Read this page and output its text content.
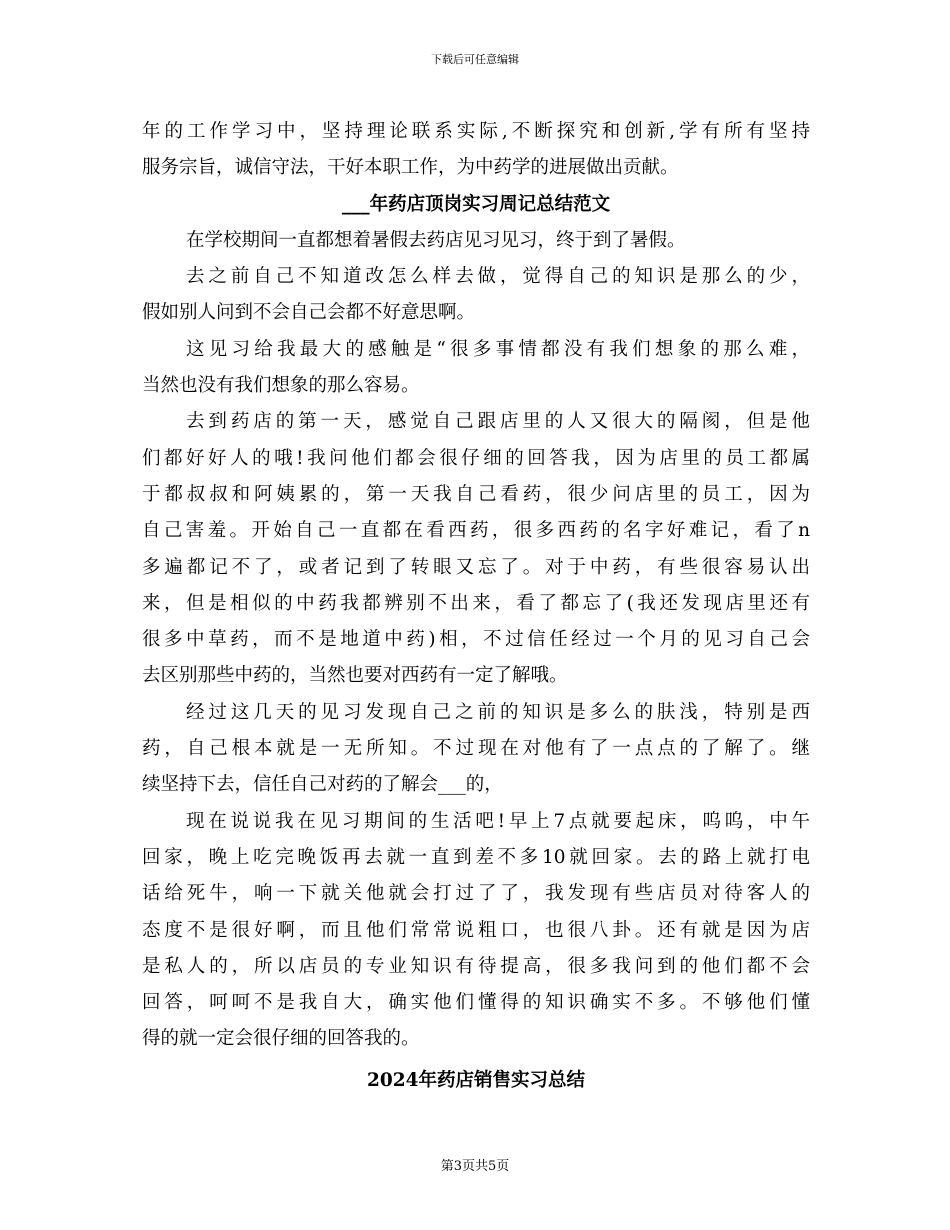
下载后可任意编辑
年的工作学习中，坚持理论联系实际,不断探究和创新,学有所有坚持
服务宗旨，诚信守法，干好本职工作，为中药学的进展做出贡献。
___年药店顶岗实习周记总结范文
在学校期间一直都想着暑假去药店见习见习，终于到了暑假。
去之前自己不知道改怎么样去做，觉得自己的知识是那么的少，
假如别人问到不会自己会都不好意思啊。
这见习给我最大的感触是“很多事情都没有我们想象的那么难，
当然也没有我们想象的那么容易。
去到药店的第一天，感觉自己跟店里的人又很大的隔阂，但是他
们都好好人的哦!我问他们都会很仔细的回答我，因为店里的员工都属
于都叔叔和阿姨累的，第一天我自己看药，很少问店里的员工，因为
自己害羞。开始自己一直都在看西药，很多西药的名字好难记，看了n
多遍都记不了，或者记到了转眼又忘了。对于中药，有些很容易认出
来，但是相似的中药我都辨别不出来，看了都忘了(我还发现店里还有
很多中草药，而不是地道中药)相，不过信任经过一个月的见习自己会
去区别那些中药的，当然也要对西药有一定了解哦。
经过这几天的见习发现自己之前的知识是多么的肤浅，特别是西
药，自己根本就是一无所知。不过现在对他有了一点点的了解了。继
续坚持下去，信任自己对药的了解会___的，
现在说说我在见习期间的生活吧!早上7点就要起床，呜呜，中午
回家，晚上吃完晚饭再去就一直到差不多10就回家。去的路上就打电
话给死牛，响一下就关他就会打过了了，我发现有些店员对待客人的
态度不是很好啊，而且他们常常说粗口，也很八卦。还有就是因为店
是私人的，所以店员的专业知识有待提高，很多我问到的他们都不会
回答，呵呵不是我自大，确实他们懂得的知识确实不多。不够他们懂
得的就一定会很仔细的回答我的。
2024年药店销售实习总结
第3页共5页
